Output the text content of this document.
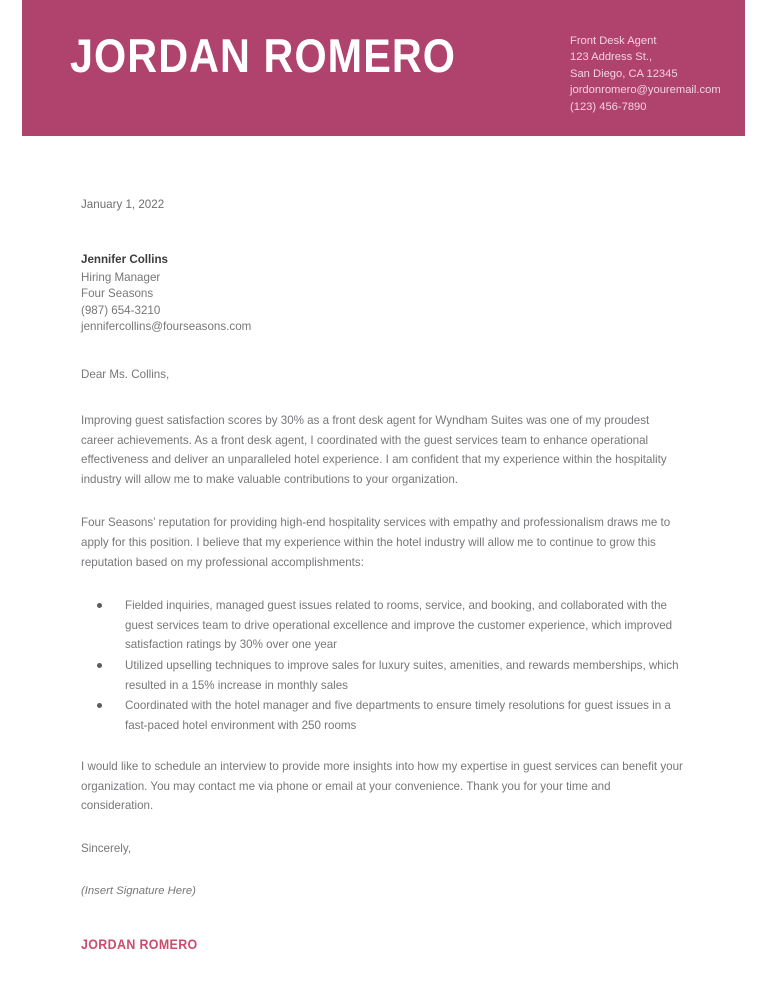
JORDAN ROMERO	Front Desk Agent
123 Address St.,
San Diego, CA 12345
jordonromero@youremail.com
(123) 456-7890
January 1, 2022
Jennifer Collins
Hiring Manager
Four Seasons
(987) 654-3210
jennifercollins@fourseasons.com
Dear Ms. Collins,

Improving guest satisfaction scores by 30% as a front desk agent for Wyndham Suites was one of my proudest career achievements. As a front desk agent, I coordinated with the guest services team to enhance operational effectiveness and deliver an unparalleled hotel experience. I am confident that my experience within the hospitality industry will allow me to make valuable contributions to your organization.

Four Seasons’ reputation for providing high-end hospitality services with empathy and professionalism draws me to apply for this position. I believe that my experience within the hotel industry will allow me to continue to grow this reputation based on my professional accomplishments:

Fielded inquiries, managed guest issues related to rooms, service, and booking, and collaborated with the guest services team to drive operational excellence and improve the customer experience, which improved satisfaction ratings by 30% over one year
Utilized upselling techniques to improve sales for luxury suites, amenities, and rewards memberships, which resulted in a 15% increase in monthly sales
Coordinated with the hotel manager and five departments to ensure timely resolutions for guest issues in a fast-paced hotel environment with 250 rooms

I would like to schedule an interview to provide more insights into how my expertise in guest services can benefit your organization. You may contact me via phone or email at your convenience. Thank you for your time and consideration.

Sincerely,
(Insert Signature Here)
JORDAN ROMERO
